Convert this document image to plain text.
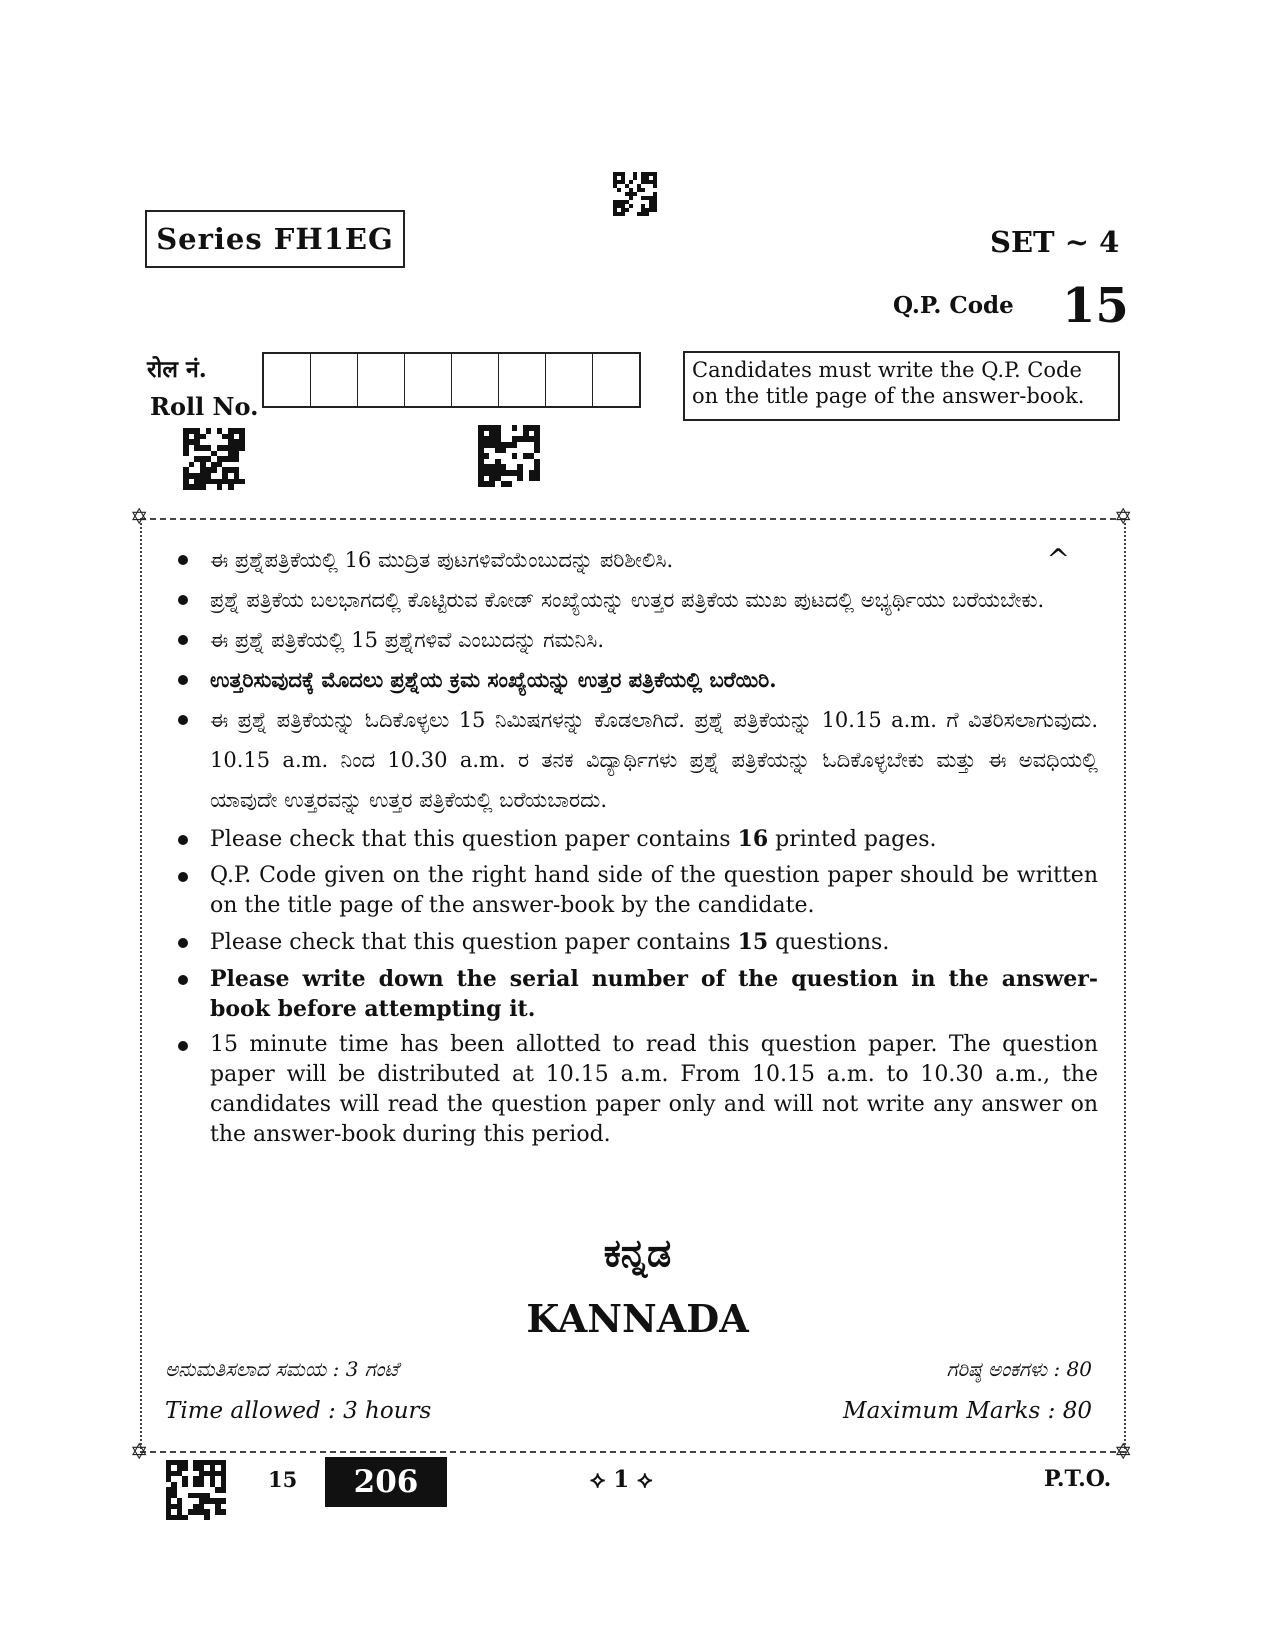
Series FH1EG	SET ~ 4
Q.P. Code 15
रोल नं.
Roll No.
Candidates must write the Q.P. Code on the title page of the answer-book.
✡	✡
✡	✡

ಈ ಪ್ರಶ್ನೆಪತ್ರಿಕೆಯಲ್ಲಿ 16 ಮುದ್ರಿತ ಪುಟಗಳಿವೆಯೆಂಬುದನ್ನು ಪರಿಶೀಲಿಸಿ.	^

ಪ್ರಶ್ನೆ ಪತ್ರಿಕೆಯ ಬಲಭಾಗದಲ್ಲಿ ಕೊಟ್ಟಿರುವ ಕೋಡ್ ಸಂಖ್ಯೆಯನ್ನು ಉತ್ತರ ಪತ್ರಿಕೆಯ ಮುಖ ಪುಟದಲ್ಲಿ ಅಭ್ಯರ್ಥಿಯು ಬರೆಯಬೇಕು.

ಈ ಪ್ರಶ್ನೆ ಪತ್ರಿಕೆಯಲ್ಲಿ 15 ಪ್ರಶ್ನೆಗಳಿವೆ ಎಂಬುದನ್ನು ಗಮನಿಸಿ.

ಉತ್ತರಿಸುವುದಕ್ಕೆ ಮೊದಲು ಪ್ರಶ್ನೆಯ ಕ್ರಮ ಸಂಖ್ಯೆಯನ್ನು ಉತ್ತರ ಪತ್ರಿಕೆಯಲ್ಲಿ ಬರೆಯಿರಿ.

ಈ ಪ್ರಶ್ನೆ ಪತ್ರಿಕೆಯನ್ನು ಓದಿಕೊಳ್ಳಲು 15 ನಿಮಿಷಗಳನ್ನು ಕೊಡಲಾಗಿದೆ. ಪ್ರಶ್ನೆ ಪತ್ರಿಕೆಯನ್ನು 10.15 a.m. ಗೆ ವಿತರಿಸಲಾಗುವುದು. 10.15 a.m. ನಿಂದ 10.30 a.m. ರ ತನಕ ವಿದ್ಯಾರ್ಥಿಗಳು ಪ್ರಶ್ನೆ ಪತ್ರಿಕೆಯನ್ನು ಓದಿಕೊಳ್ಳಬೇಕು ಮತ್ತು ಈ ಅವಧಿಯಲ್ಲಿ ಯಾವುದೇ ಉತ್ತರವನ್ನು ಉತ್ತರ ಪತ್ರಿಕೆಯಲ್ಲಿ ಬರೆಯಬಾರದು.

Please check that this question paper contains 16 printed pages.

Q.P. Code given on the right hand side of the question paper should be written on the title page of the answer-book by the candidate.

Please check that this question paper contains 15 questions.

Please write down the serial number of the question in the answer-book before attempting it.

15 minute time has been allotted to read this question paper. The question paper will be distributed at 10.15 a.m. From 10.15 a.m. to 10.30 a.m., the candidates will read the question paper only and will not write any answer on the answer-book during this period.

ಕನ್ನಡ
KANNADA
ಅನುಮತಿಸಲಾದ ಸಮಯ : 3 ಗಂಟೆ
Time allowed : 3 hours
ಗರಿಷ್ಠ ಅಂಕಗಳು : 80
Maximum Marks : 80
15 206	⟡ 1 ⟡	P.T.O.
